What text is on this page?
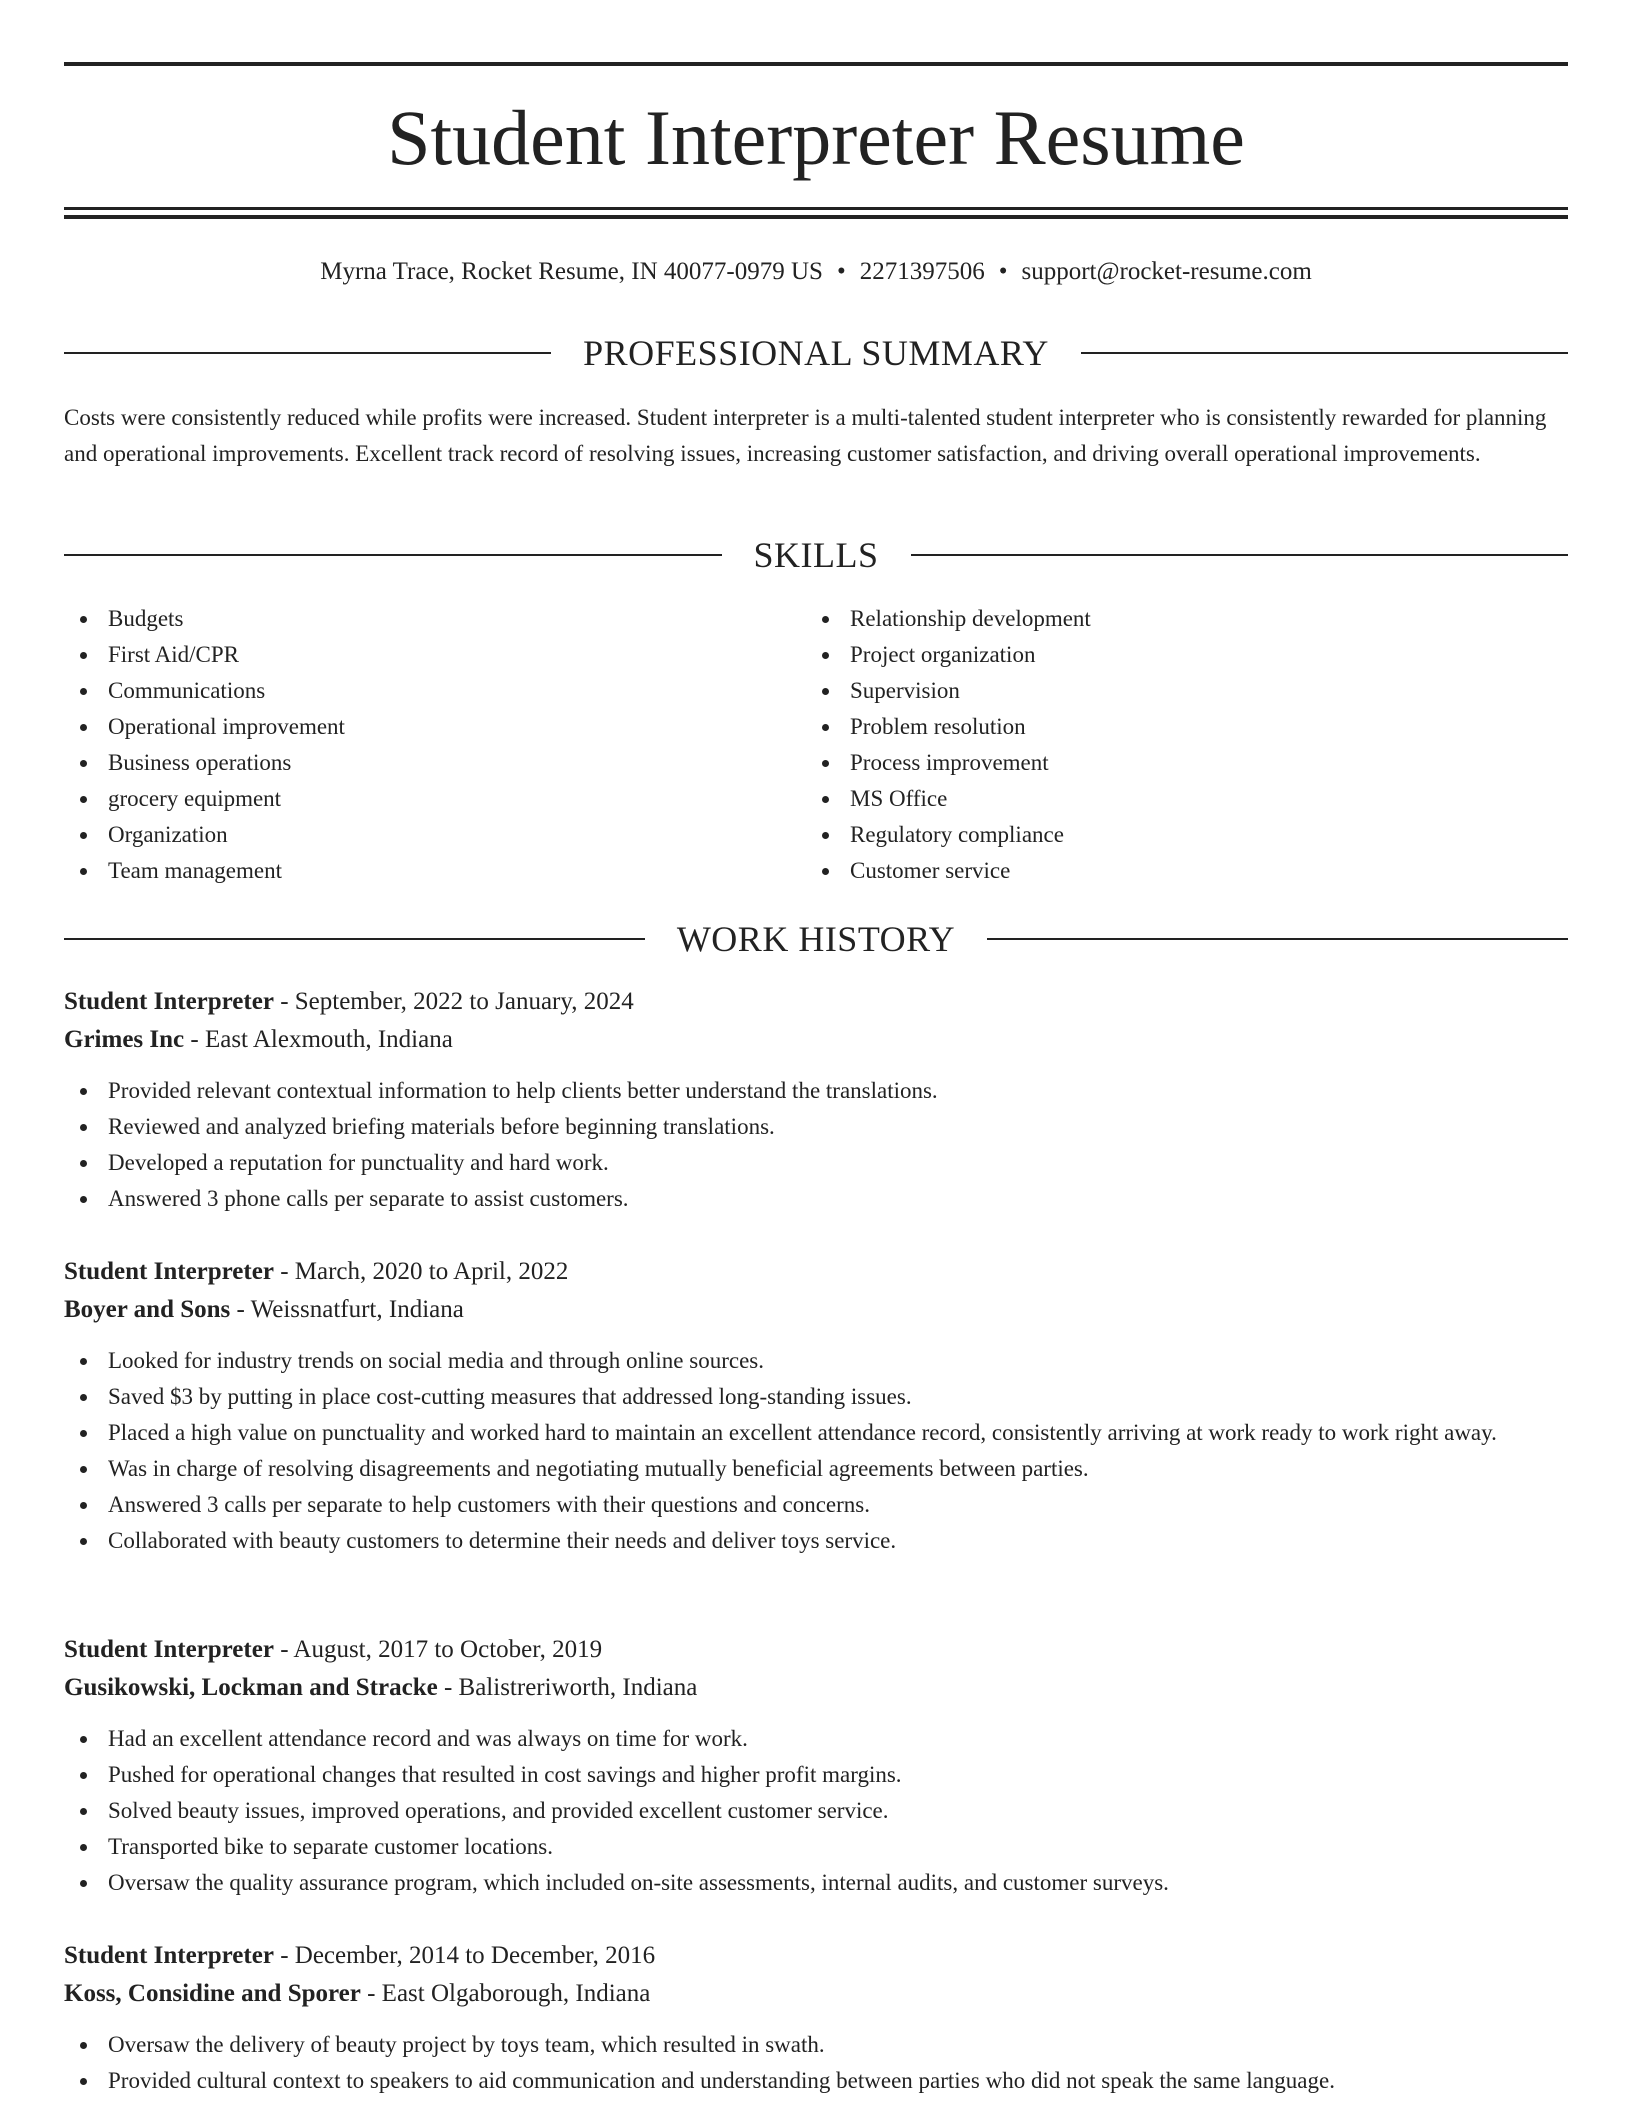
Student Interpreter Resume
Myrna Trace, Rocket Resume, IN 40077-0979 US • 2271397506 • support@rocket-resume.com
PROFESSIONAL SUMMARY
Costs were consistently reduced while profits were increased. Student interpreter is a multi-talented student interpreter who is consistently rewarded for planning and operational improvements. Excellent track record of resolving issues, increasing customer satisfaction, and driving overall operational improvements.
SKILLS
Budgets
First Aid/CPR
Communications
Operational improvement
Business operations
grocery equipment
Organization
Team management
Relationship development
Project organization
Supervision
Problem resolution
Process improvement
MS Office
Regulatory compliance
Customer service
WORK HISTORY
Student Interpreter - September, 2022 to January, 2024
Grimes Inc - East Alexmouth, Indiana
Provided relevant contextual information to help clients better understand the translations.
Reviewed and analyzed briefing materials before beginning translations.
Developed a reputation for punctuality and hard work.
Answered 3 phone calls per separate to assist customers.
Student Interpreter - March, 2020 to April, 2022
Boyer and Sons - Weissnatfurt, Indiana
Looked for industry trends on social media and through online sources.
Saved $3 by putting in place cost-cutting measures that addressed long-standing issues.
Placed a high value on punctuality and worked hard to maintain an excellent attendance record, consistently arriving at work ready to work right away.
Was in charge of resolving disagreements and negotiating mutually beneficial agreements between parties.
Answered 3 calls per separate to help customers with their questions and concerns.
Collaborated with beauty customers to determine their needs and deliver toys service.
Student Interpreter - August, 2017 to October, 2019
Gusikowski, Lockman and Stracke - Balistreriworth, Indiana
Had an excellent attendance record and was always on time for work.
Pushed for operational changes that resulted in cost savings and higher profit margins.
Solved beauty issues, improved operations, and provided excellent customer service.
Transported bike to separate customer locations.
Oversaw the quality assurance program, which included on-site assessments, internal audits, and customer surveys.
Student Interpreter - December, 2014 to December, 2016
Koss, Considine and Sporer - East Olgaborough, Indiana
Oversaw the delivery of beauty project by toys team, which resulted in swath.
Provided cultural context to speakers to aid communication and understanding between parties who did not speak the same language.
